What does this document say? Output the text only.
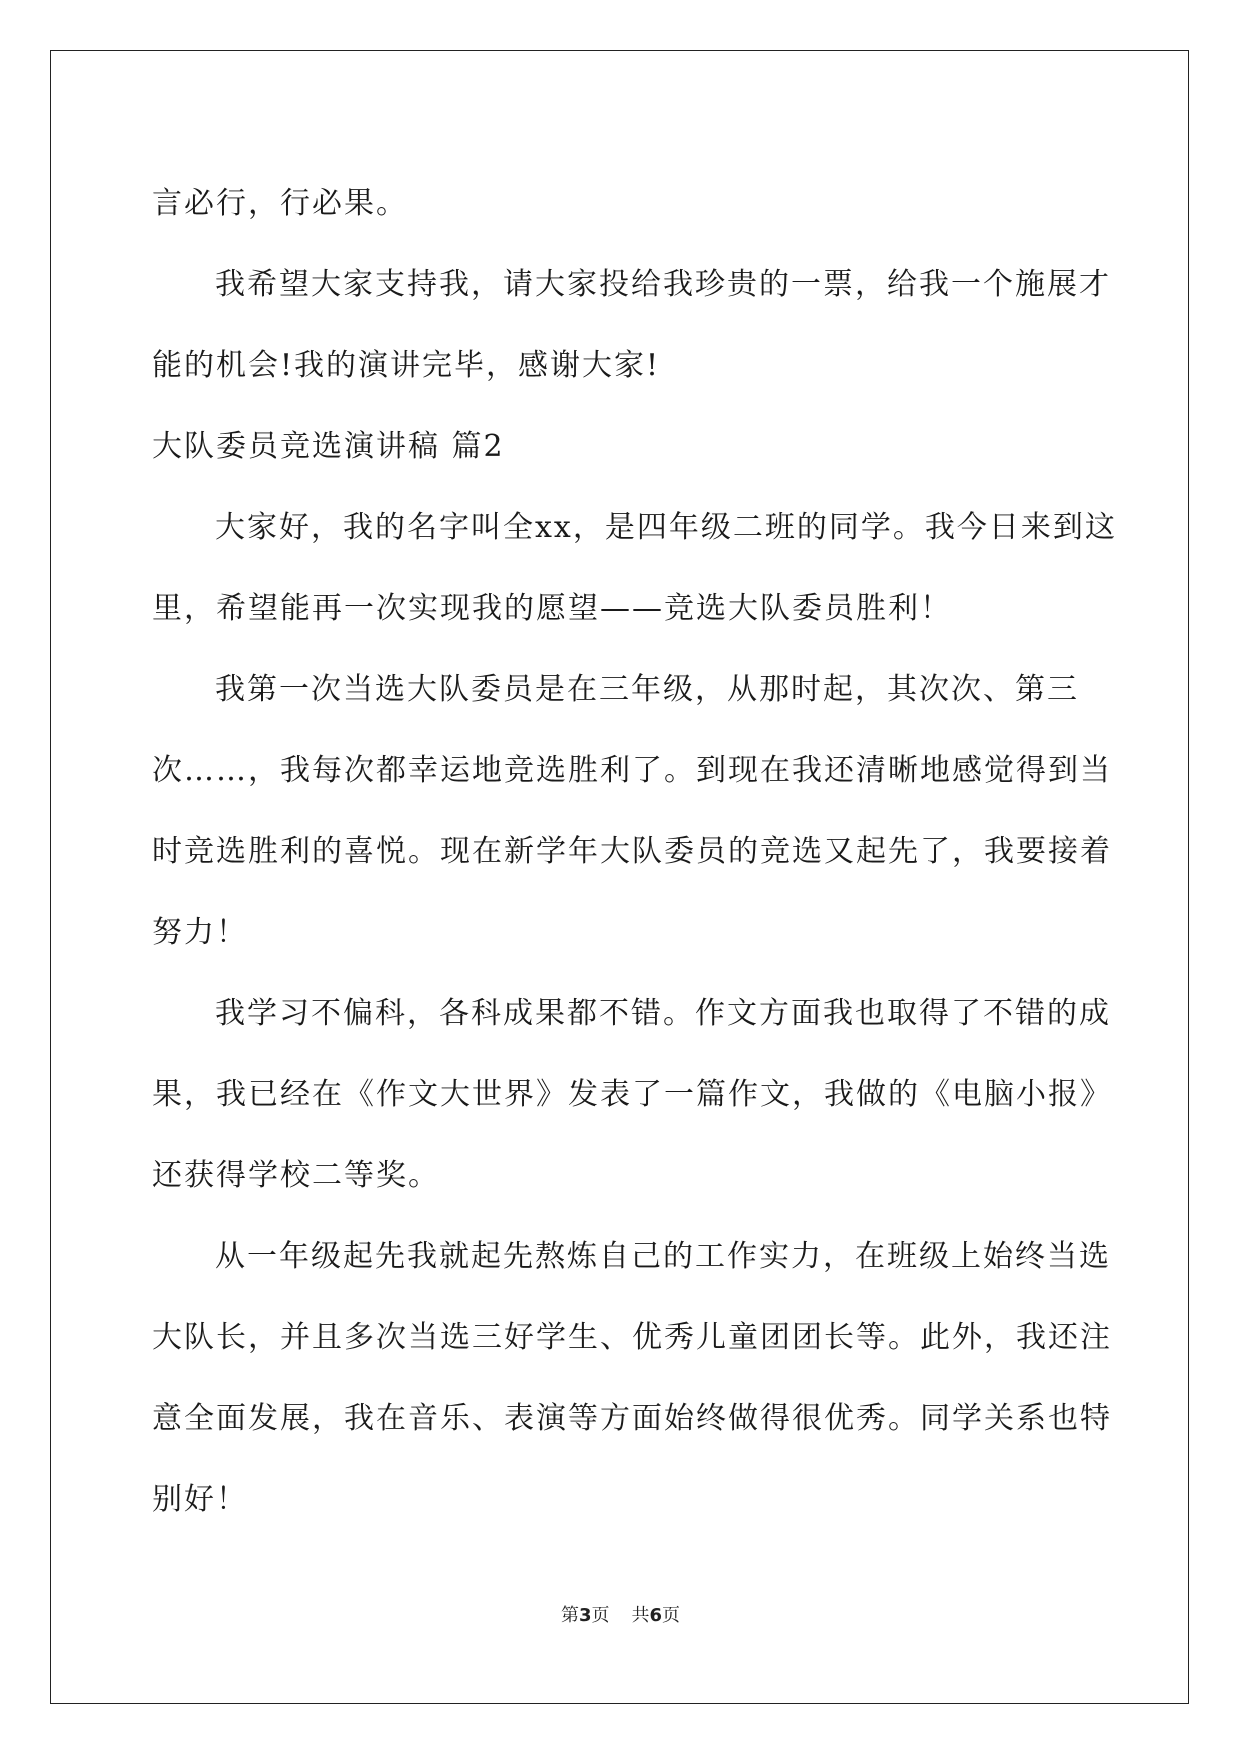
言必行，行必果。
我希望大家支持我，请大家投给我珍贵的一票，给我一个施展才
能的机会!我的演讲完毕，感谢大家!
大队委员竞选演讲稿 篇2
大家好，我的名字叫全xx，是四年级二班的同学。我今日来到这
里，希望能再一次实现我的愿望——竞选大队委员胜利！
我第一次当选大队委员是在三年级，从那时起，其次次、第三
次……，我每次都幸运地竞选胜利了。到现在我还清晰地感觉得到当
时竞选胜利的喜悦。现在新学年大队委员的竞选又起先了，我要接着
努力！
我学习不偏科，各科成果都不错。作文方面我也取得了不错的成
果，我已经在《作文大世界》发表了一篇作文，我做的《电脑小报》
还获得学校二等奖。
从一年级起先我就起先熬炼自己的工作实力，在班级上始终当选
大队长，并且多次当选三好学生、优秀儿童团团长等。此外，我还注
意全面发展，我在音乐、表演等方面始终做得很优秀。同学关系也特
别好！
第3页 共6页
